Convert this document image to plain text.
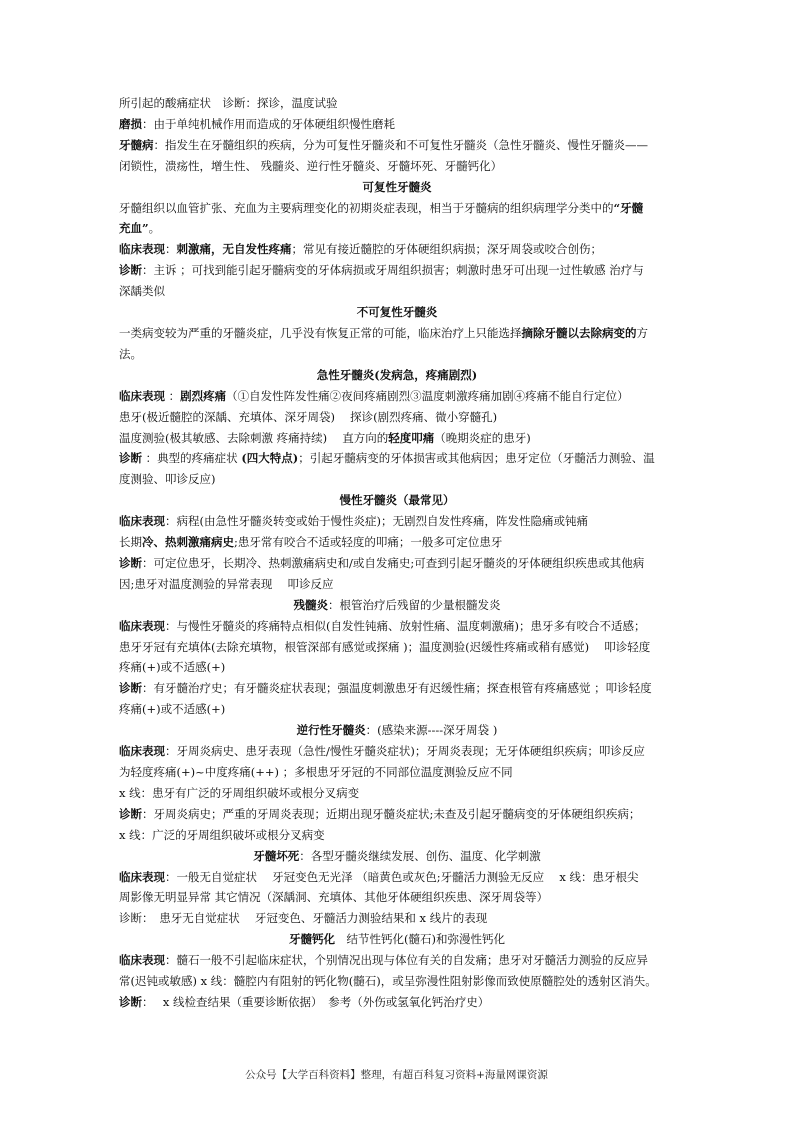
所引起的酸痛症状　诊断：探诊，温度试验
磨损：由于单纯机械作用而造成的牙体硬组织慢性磨耗
牙髓病：指发生在牙髓组织的疾病，分为可复性牙髓炎和不可复性牙髓炎（急性牙髓炎、慢性牙髓炎——
闭锁性，溃疡性，增生性、 残髓炎、逆行性牙髓炎、牙髓坏死、牙髓钙化）
可复性牙髓炎
牙髓组织以血管扩张、充血为主要病理变化的初期炎症表现，相当于牙髓病的组织病理学分类中的“牙髓
充血”。
临床表现：刺激痛，无自发性疼痛；常见有接近髓腔的牙体硬组织病损；深牙周袋或咬合创伤；
诊断：主诉 ；可找到能引起牙髓病变的牙体病损或牙周组织损害；刺激时患牙可出现一过性敏感 治疗与
深龋类似
不可复性牙髓炎
一类病变较为严重的牙髓炎症，几乎没有恢复正常的可能，临床治疗上只能选择摘除牙髓以去除病变的方
法。
急性牙髓炎(发病急，疼痛剧烈)
临床表现 ：剧烈疼痛（①自发性阵发性痛②夜间疼痛剧烈③温度刺激疼痛加剧④疼痛不能自行定位）
患牙(极近髓腔的深龋、充填体、深牙周袋)　 探诊(剧烈疼痛、微小穿髓孔)
温度测验(极其敏感、去除刺激 疼痛持续)　 直方向的轻度叩痛（晚期炎症的患牙)
诊断 ：典型的疼痛症状 (四大特点)；引起牙髓病变的牙体损害或其他病因；患牙定位（牙髓活力测验、温
度测验、叩诊反应)
慢性牙髓炎（最常见）
临床表现：病程(由急性牙髓炎转变或始于慢性炎症)；无剧烈自发性疼痛，阵发性隐痛或钝痛
长期冷、热刺激痛病史;患牙常有咬合不适或轻度的叩痛；一般多可定位患牙
诊断：可定位患牙，长期冷、热刺激痛病史和/或自发痛史;可查到引起牙髓炎的牙体硬组织疾患或其他病
因;患牙对温度测验的异常表现　 叩诊反应
残髓炎：根管治疗后残留的少量根髓发炎
临床表现：与慢性牙髓炎的疼痛特点相似(自发性钝痛、放射性痛、温度刺激痛)；患牙多有咬合不适感；
患牙牙冠有充填体(去除充填物，根管深部有感觉或探痛 )；温度测验(迟缓性疼痛或稍有感觉)　 叩诊轻度
疼痛(+)或不适感(+)
诊断：有牙髓治疗史；有牙髓炎症状表现；强温度刺激患牙有迟缓性痛；探查根管有疼痛感觉 ；叩诊轻度
疼痛(+)或不适感(+)
逆行性牙髓炎：(感染来源----深牙周袋 )
临床表现：牙周炎病史、患牙表现（急性/慢性牙髓炎症状)；牙周炎表现；无牙体硬组织疾病；叩诊反应
为轻度疼痛(+)~中度疼痛(++) ；多根患牙牙冠的不同部位温度测验反应不同
x 线：患牙有广泛的牙周组织破坏或根分叉病变
诊断：牙周炎病史；严重的牙周炎表现；近期出现牙髓炎症状;未查及引起牙髓病变的牙体硬组织疾病；
x 线：广泛的牙周组织破坏或根分叉病变
牙髓坏死：各型牙髓炎继续发展、创伤、温度、化学刺激
临床表现：一般无自觉症状　 牙冠变色无光泽 （暗黄色或灰色;牙髓活力测验无反应　 x 线：患牙根尖
周影像无明显异常 其它情况（深龋洞、充填体、其他牙体硬组织疾患、深牙周袋等）
诊断：　患牙无自觉症状　 牙冠变色、牙髓活力测验结果和 x 线片的表现
牙髓钙化　结节性钙化(髓石)和弥漫性钙化
临床表现：髓石一般不引起临床症状，个别情况出现与体位有关的自发痛；患牙对牙髓活力测验的反应异
常(迟钝或敏感) x 线：髓腔内有阻射的钙化物(髓石)，或呈弥漫性阻射影像而致使原髓腔处的透射区消失。
诊断：　 x 线检查结果（重要诊断依据）　参考（外伤或氢氧化钙治疗史）
公众号【大学百科资料】整理，有超百科复习资料+海量网课资源
